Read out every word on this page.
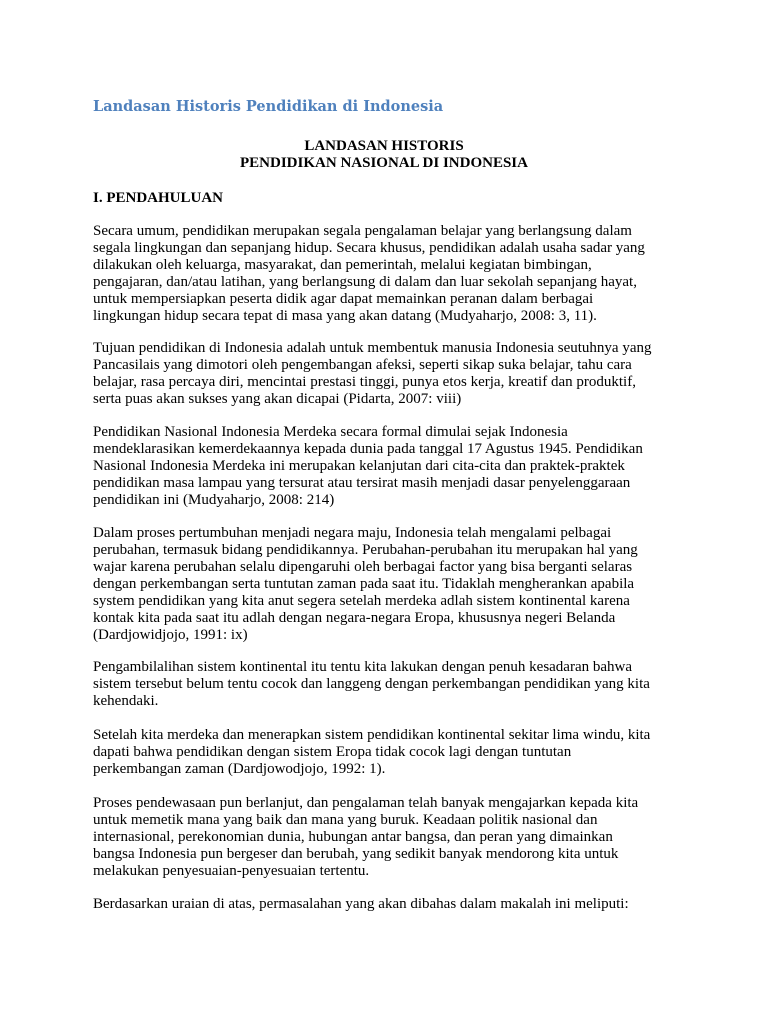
Landasan Historis Pendidikan di Indonesia
LANDASAN HISTORIS
PENDIDIKAN NASIONAL DI INDONESIA
I. PENDAHULUAN

Secara umum, pendidikan merupakan segala pengalaman belajar yang berlangsung dalam
segala lingkungan dan sepanjang hidup. Secara khusus, pendidikan adalah usaha sadar yang
dilakukan oleh keluarga, masyarakat, dan pemerintah, melalui kegiatan bimbingan,
pengajaran, dan/atau latihan, yang berlangsung di dalam dan luar sekolah sepanjang hayat,
untuk mempersiapkan peserta didik agar dapat memainkan peranan dalam berbagai
lingkungan hidup secara tepat di masa yang akan datang (Mudyaharjo, 2008: 3, 11).

Tujuan pendidikan di Indonesia adalah untuk membentuk manusia Indonesia seutuhnya yang
Pancasilais yang dimotori oleh pengembangan afeksi, seperti sikap suka belajar, tahu cara
belajar, rasa percaya diri, mencintai prestasi tinggi, punya etos kerja, kreatif dan produktif,
serta puas akan sukses yang akan dicapai (Pidarta, 2007: viii)

Pendidikan Nasional Indonesia Merdeka secara formal dimulai sejak Indonesia
mendeklarasikan kemerdekaannya kepada dunia pada tanggal 17 Agustus 1945. Pendidikan
Nasional Indonesia Merdeka ini merupakan kelanjutan dari cita-cita dan praktek-praktek
pendidikan masa lampau yang tersurat atau tersirat masih menjadi dasar penyelenggaraan
pendidikan ini (Mudyaharjo, 2008: 214)

Dalam proses pertumbuhan menjadi negara maju, Indonesia telah mengalami pelbagai
perubahan, termasuk bidang pendidikannya. Perubahan-perubahan itu merupakan hal yang
wajar karena perubahan selalu dipengaruhi oleh berbagai factor yang bisa berganti selaras
dengan perkembangan serta tuntutan zaman pada saat itu. Tidaklah mengherankan apabila
system pendidikan yang kita anut segera setelah merdeka adlah sistem kontinental karena
kontak kita pada saat itu adlah dengan negara-negara Eropa, khususnya negeri Belanda
(Dardjowidjojo, 1991: ix)

Pengambilalihan sistem kontinental itu tentu kita lakukan dengan penuh kesadaran bahwa
sistem tersebut belum tentu cocok dan langgeng dengan perkembangan pendidikan yang kita
kehendaki.

Setelah kita merdeka dan menerapkan sistem pendidikan kontinental sekitar lima windu, kita
dapati bahwa pendidikan dengan sistem Eropa tidak cocok lagi dengan tuntutan
perkembangan zaman (Dardjowodjojo, 1992: 1).

Proses pendewasaan pun berlanjut, dan pengalaman telah banyak mengajarkan kepada kita
untuk memetik mana yang baik dan mana yang buruk. Keadaan politik nasional dan
internasional, perekonomian dunia, hubungan antar bangsa, dan peran yang dimainkan
bangsa Indonesia pun bergeser dan berubah, yang sedikit banyak mendorong kita untuk
melakukan penyesuaian-penyesuaian tertentu.

Berdasarkan uraian di atas, permasalahan yang akan dibahas dalam makalah ini meliputi:
